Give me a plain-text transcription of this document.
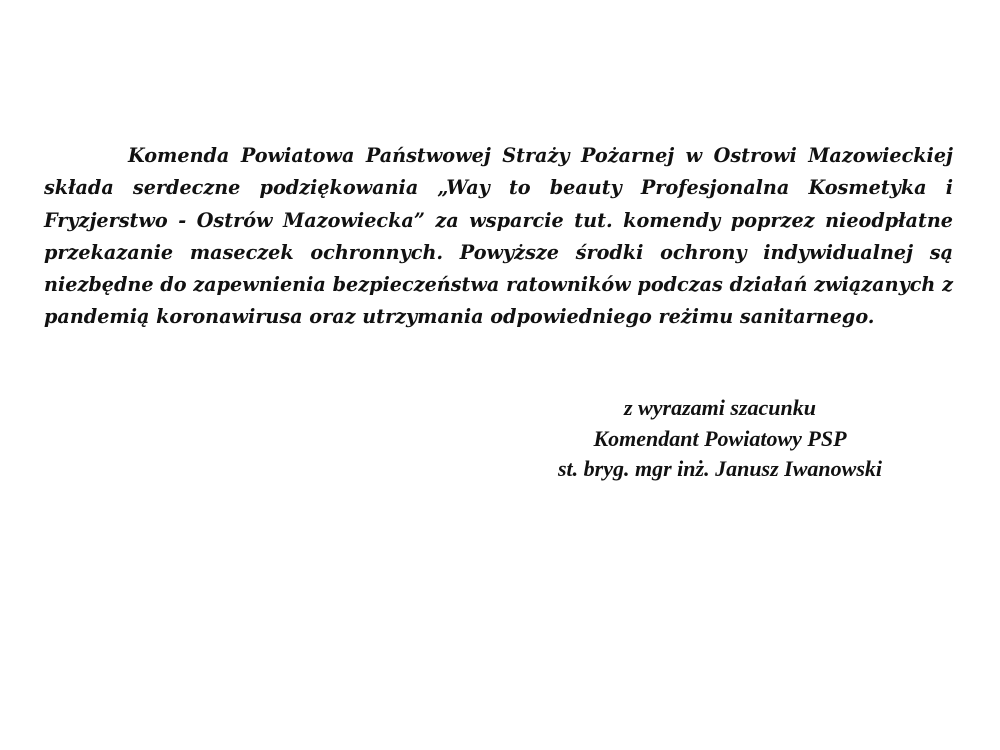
Komenda Powiatowa Państwowej Straży Pożarnej w Ostrowi Mazowieckiej składa serdeczne podziękowania „Way to beauty Profesjonalna Kosmetyka i Fryzjerstwo - Ostrów Mazowiecka” za wsparcie tut. komendy poprzez nieodpłatne przekazanie maseczek ochronnych. Powyższe środki ochrony indywidualnej są niezbędne do zapewnienia bezpieczeństwa ratowników podczas działań związanych z pandemią koronawirusa oraz utrzymania odpowiedniego reżimu sanitarnego.

z wyrazami szacunku
Komendant Powiatowy PSP
st. bryg. mgr inż. Janusz Iwanowski
